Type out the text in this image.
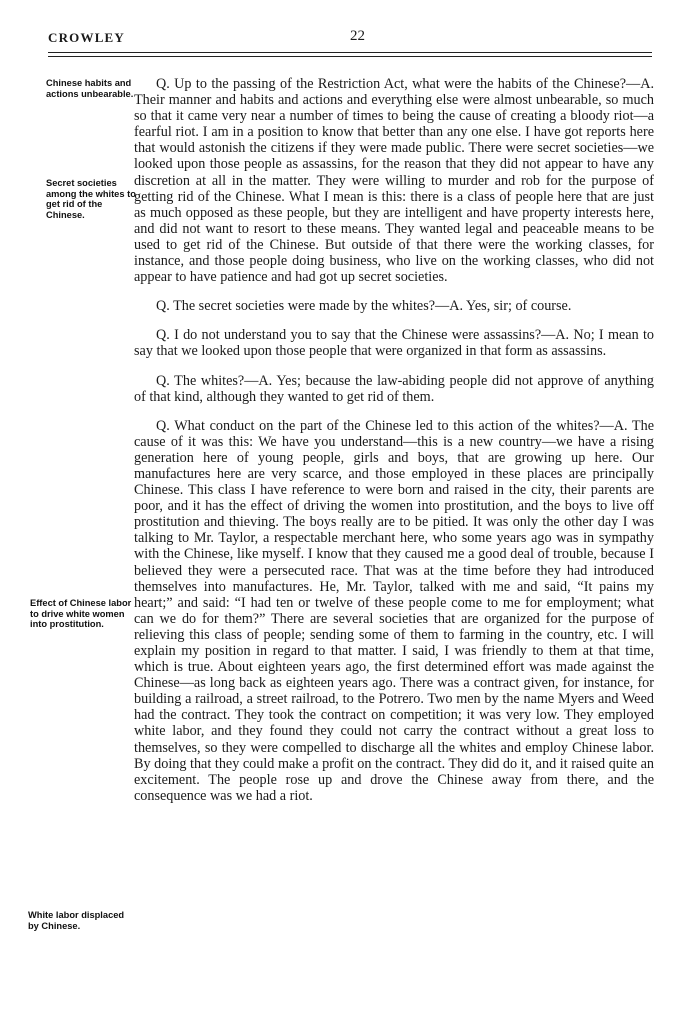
CROWLEY	22
Chinese habits and actions unbearable.
Secret societies among the whites to get rid of the Chinese.
Effect of Chinese labor to drive white women into prostitution.
White labor displaced by Chinese.

Q. Up to the passing of the Restriction Act, what were the habits of the Chinese?—A. Their manner and habits and actions and everything else were almost unbearable, so much so that it came very near a number of times to being the cause of creating a bloody riot—a fearful riot. I am in a position to know that better than any one else. I have got reports here that would astonish the citizens if they were made public. There were secret societies—we looked upon those people as assassins, for the reason that they did not appear to have any discretion at all in the matter. They were willing to murder and rob for the purpose of getting rid of the Chinese. What I mean is this: there is a class of people here that are just as much opposed as these people, but they are intelligent and have property interests here, and did not want to resort to these means. They wanted legal and peaceable means to be used to get rid of the Chinese. But outside of that there were the working classes, for instance, and those people doing business, who live on the working classes, who did not appear to have patience and had got up secret societies.

Q. The secret societies were made by the whites?—A. Yes, sir; of course.

Q. I do not understand you to say that the Chinese were assassins?—A. No; I mean to say that we looked upon those people that were organized in that form as assassins.

Q. The whites?—A. Yes; because the law-abiding people did not approve of anything of that kind, although they wanted to get rid of them.

Q. What conduct on the part of the Chinese led to this action of the whites?—A. The cause of it was this: We have you understand—this is a new country—we have a rising generation here of young people, girls and boys, that are growing up here. Our manufactures here are very scarce, and those employed in these places are principally Chinese. This class I have reference to were born and raised in the city, their parents are poor, and it has the effect of driving the women into prostitution, and the boys to live off prostitution and thieving. The boys really are to be pitied. It was only the other day I was talking to Mr. Taylor, a respectable merchant here, who some years ago was in sympathy with the Chinese, like myself. I know that they caused me a good deal of trouble, because I believed they were a persecuted race. That was at the time before they had introduced themselves into manufactures. He, Mr. Taylor, talked with me and said, “It pains my heart;” and said: “I had ten or twelve of these people come to me for employment; what can we do for them?” There are several societies that are organized for the purpose of relieving this class of people; sending some of them to farming in the country, etc. I will explain my position in regard to that matter. I said, I was friendly to them at that time, which is true. About eighteen years ago, the first determined effort was made against the Chinese—as long back as eighteen years ago. There was a contract given, for instance, for building a railroad, a street railroad, to the Potrero. Two men by the name Myers and Weed had the contract. They took the contract on competition; it was very low. They employed white labor, and they found they could not carry the contract without a great loss to themselves, so they were compelled to discharge all the whites and employ Chinese labor. By doing that they could make a profit on the contract. They did do it, and it raised quite an excitement. The people rose up and drove the Chinese away from there, and the consequence was we had a riot.
